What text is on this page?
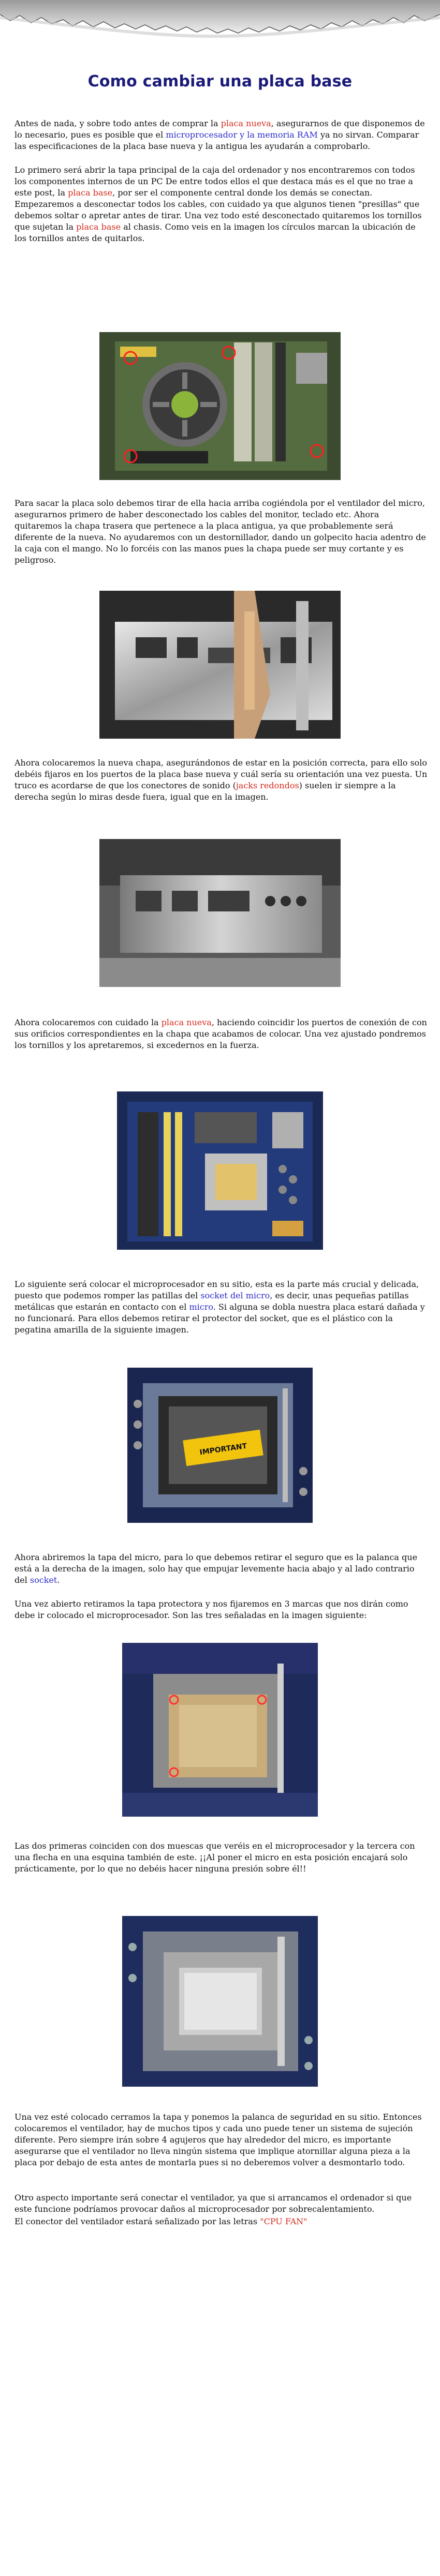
Como cambiar una placa base

Antes de nada, y sobre todo antes de comprar la placa nueva, asegurarnos de que disponemos de lo necesario, pues es posible que el microprocesador y la memoria RAM ya no sirvan. Comparar las especificaciones de la placa base nueva y la antigua les ayudarán a comprobarlo.

Lo primero será abrir la tapa principal de la caja del ordenador y nos encontraremos con todos los componentes internos de un PC De entre todos ellos el que destaca más es el que no trae a este post, la placa base, por ser el componente central donde los demás se conectan. Empezaremos a desconectar todos los cables, con cuidado ya que algunos tienen "presillas" que debemos soltar o apretar antes de tirar. Una vez todo esté desconectado quitaremos los tornillos que sujetan la placa base al chasis. Como veis en la imagen los círculos marcan la ubicación de los tornillos antes de quitarlos.

Para sacar la placa solo debemos tirar de ella hacia arriba cogiéndola por el ventilador del micro, asegurarnos primero de haber desconectado los cables del monitor, teclado etc. Ahora quitaremos la chapa trasera que pertenece a la placa antigua, ya que probablemente será diferente de la nueva. No ayudaremos con un destornillador, dando un golpecito hacia adentro de la caja con el mango. No lo forcéis con las manos pues la chapa puede ser muy cortante y es peligroso.

Ahora colocaremos la nueva chapa, asegurándonos de estar en la posición correcta, para ello solo debéis fijaros en los puertos de la placa base nueva y cuál sería su orientación una vez puesta. Un truco es acordarse de que los conectores de sonido (jacks redondos) suelen ir siempre a la derecha según lo miras desde fuera, igual que en la imagen.

Ahora colocaremos con cuidado la placa nueva, haciendo coincidir los puertos de conexión de con sus orificios correspondientes en la chapa que acabamos de colocar. Una vez ajustado pondremos los tornillos y los apretaremos, si excedernos en la fuerza.

Lo siguiente será colocar el microprocesador en su sitio, esta es la parte más crucial y delicada, puesto que podemos romper las patillas del socket del micro, es decir, unas pequeñas patillas metálicas que estarán en contacto con el micro. Si alguna se dobla nuestra placa estará dañada y no funcionará. Para ellos debemos retirar el protector del socket, que es el plástico con la pegatina amarilla de la siguiente imagen.

IMPORTANT

Ahora abriremos la tapa del micro, para lo que debemos retirar el seguro que es la palanca que está a la derecha de la imagen, solo hay que empujar levemente hacia abajo y al lado contrario del socket.

Una vez abierto retiramos la tapa protectora y nos fijaremos en 3 marcas que nos dirán como debe ir colocado el microprocesador. Son las tres señaladas en la imagen siguiente:

Las dos primeras coinciden con dos muescas que veréis en el microprocesador y la tercera con una flecha en una esquina también de este. ¡¡Al poner el micro en esta posición encajará solo prácticamente, por lo que no debéis hacer ninguna presión sobre él!!

Una vez esté colocado cerramos la tapa y ponemos la palanca de seguridad en su sitio. Entonces colocaremos el ventilador, hay de muchos tipos y cada uno puede tener un sistema de sujeción diferente. Pero siempre irán sobre 4 agujeros que hay alrededor del micro, es importante asegurarse que el ventilador no lleva ningún sistema que implique atornillar alguna pieza a la placa por debajo de esta antes de montarla pues si no deberemos volver a desmontarlo todo.

Otro aspecto importante será conectar el ventilador, ya que si arrancamos el ordenador si que este funcione podríamos provocar daños al microprocesador por sobrecalentamiento.

El conector del ventilador estará señalizado por las letras "CPU FAN"
